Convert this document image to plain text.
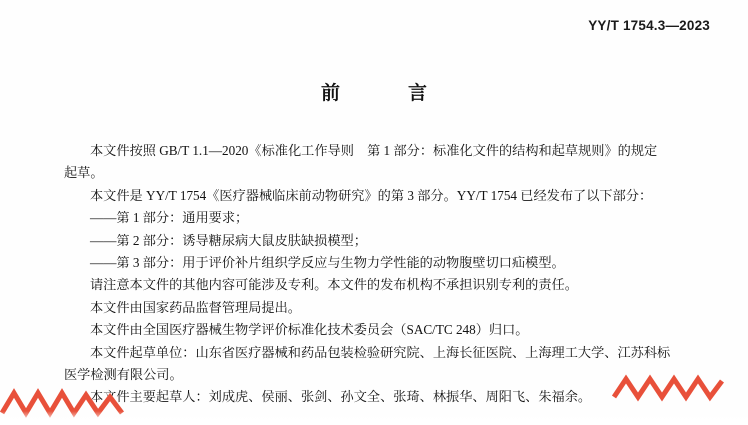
YY/T 1754.3—2023
前　　言

本文件按照 GB/T 1.1—2020《标准化工作导则　第 1 部分：标准化文件的结构和起草规则》的规定

起草。

本文件是 YY/T 1754《医疗器械临床前动物研究》的第 3 部分。YY/T 1754 已经发布了以下部分：

——第 1 部分：通用要求；

——第 2 部分：诱导糖尿病大鼠皮肤缺损模型；

——第 3 部分：用于评价补片组织学反应与生物力学性能的动物腹壁切口疝模型。

请注意本文件的其他内容可能涉及专利。本文件的发布机构不承担识别专利的责任。

本文件由国家药品监督管理局提出。

本文件由全国医疗器械生物学评价标准化技术委员会（SAC/TC 248）归口。

本文件起草单位：山东省医疗器械和药品包装检验研究院、上海长征医院、上海理工大学、江苏科标

医学检测有限公司。

本文件主要起草人：刘成虎、侯丽、张剑、孙文全、张琦、林振华、周阳飞、朱福余。
